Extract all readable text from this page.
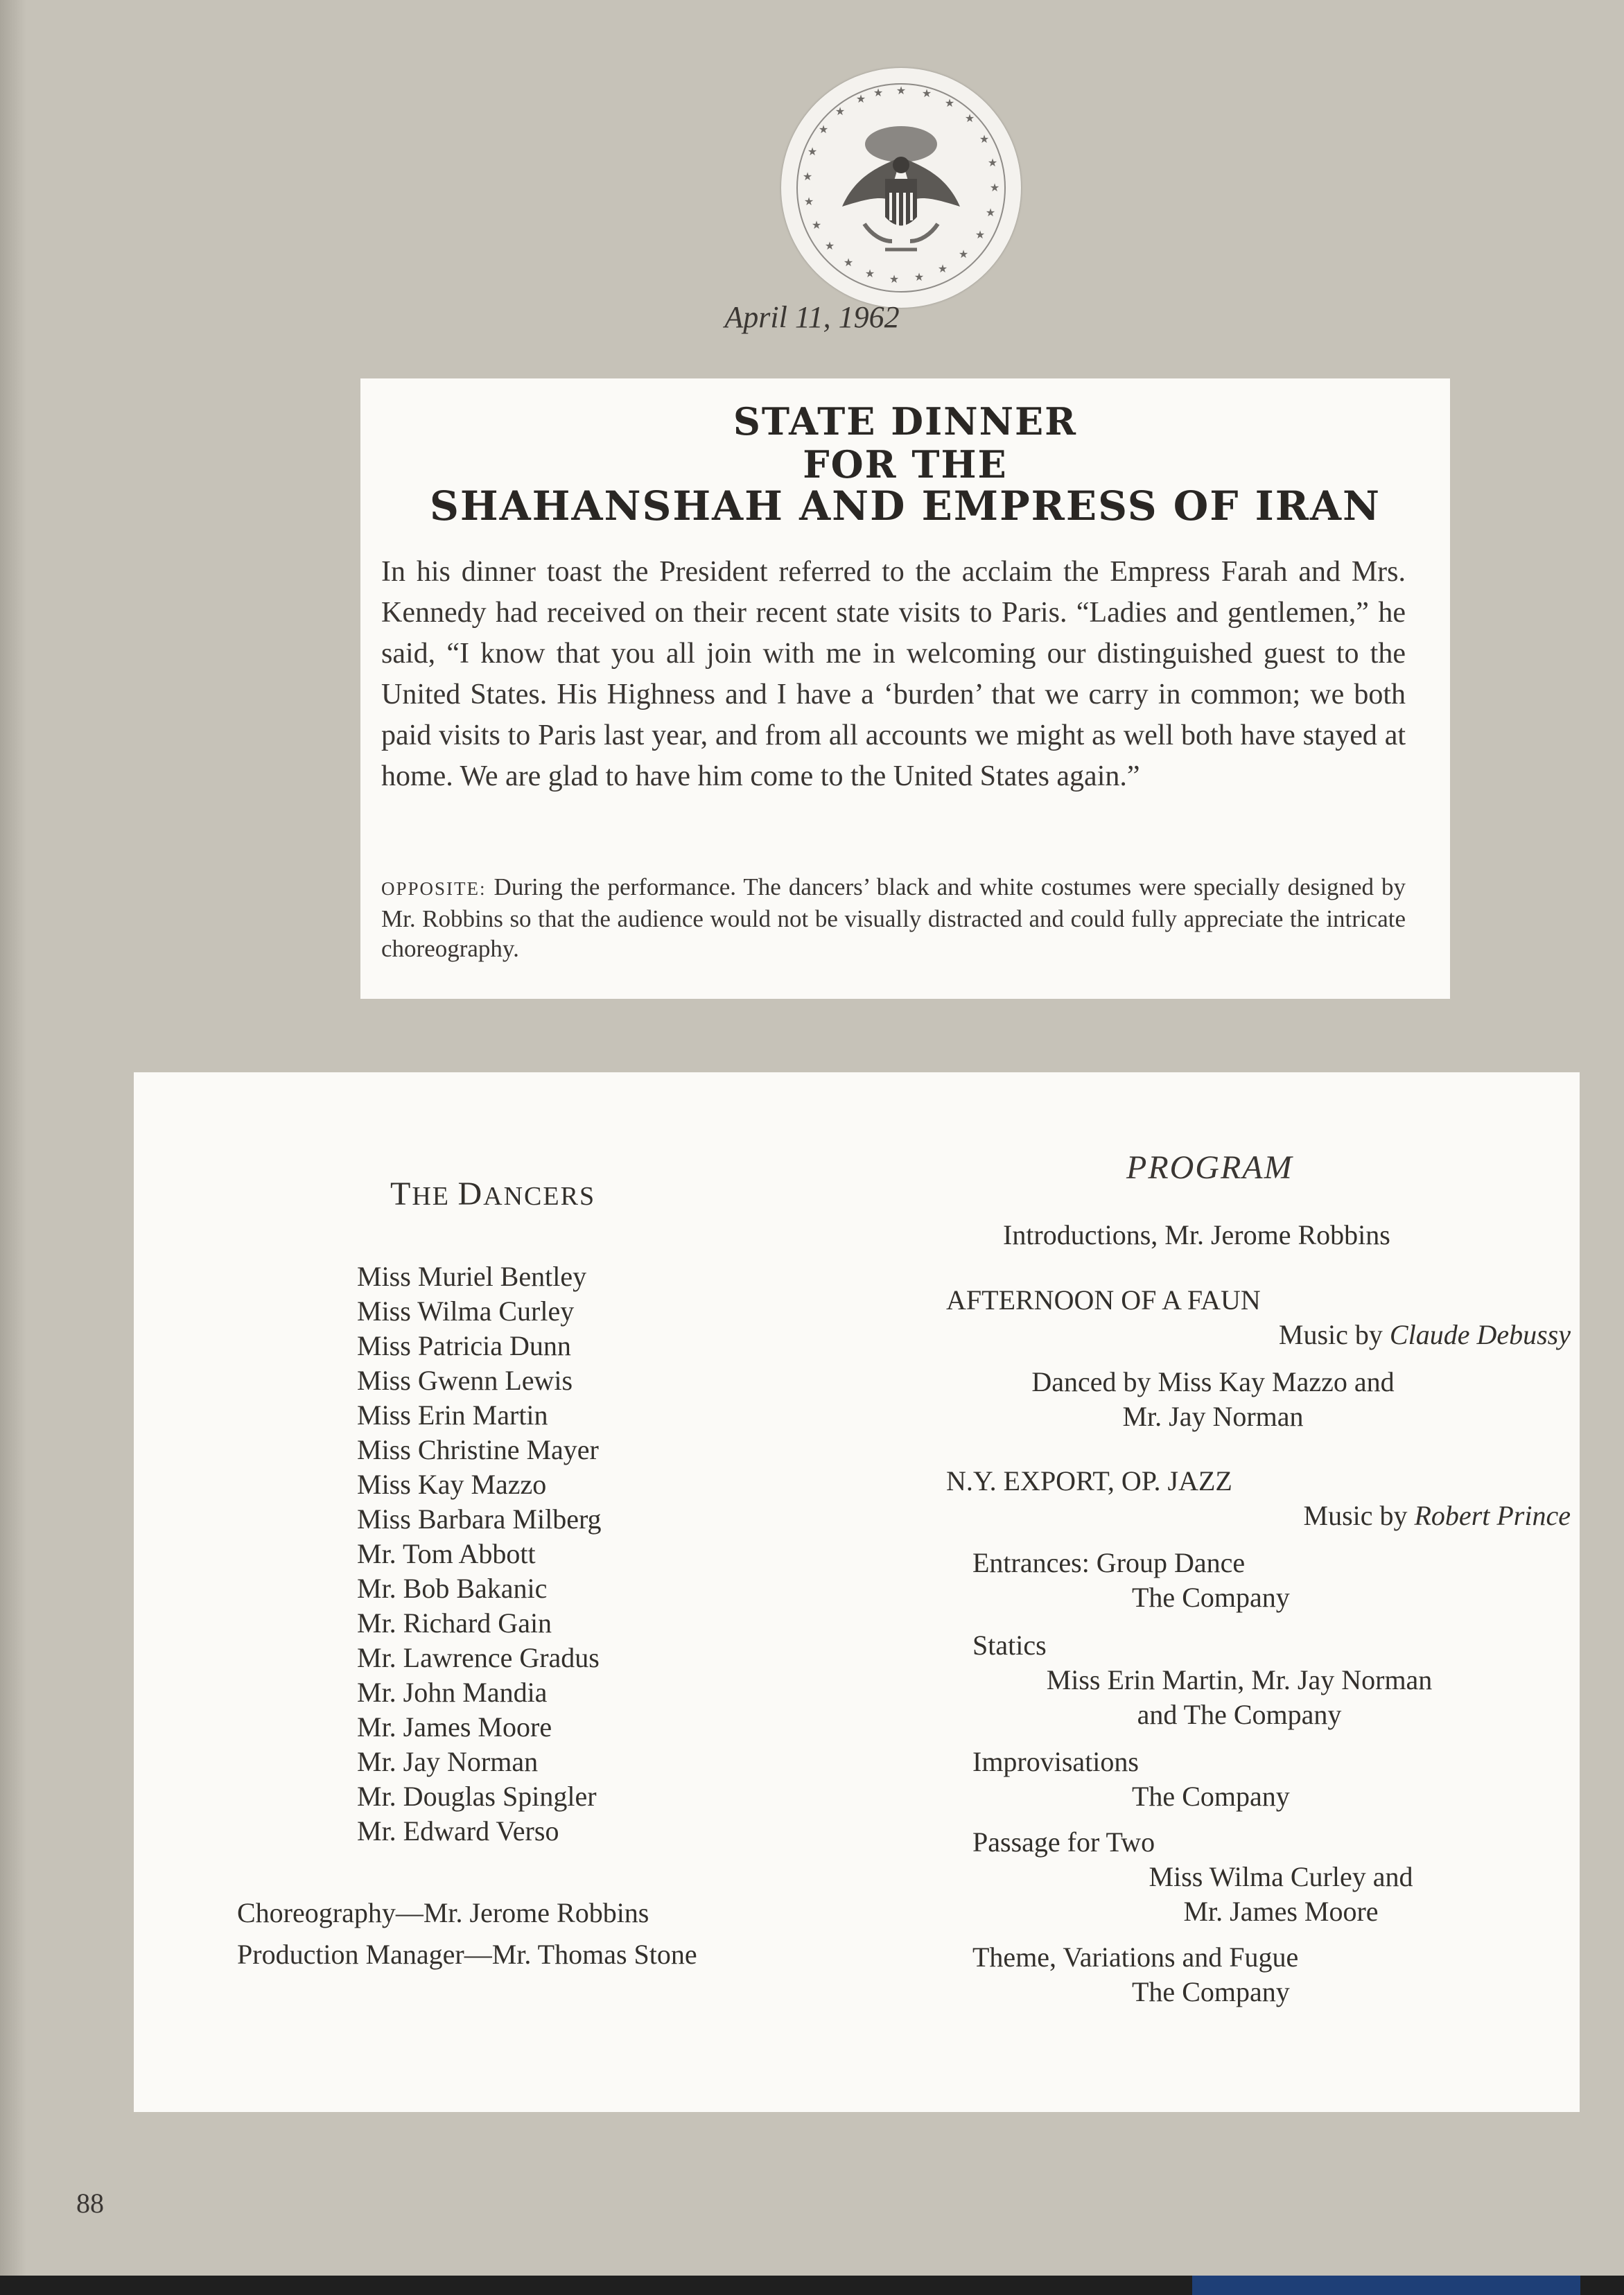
★ ★
★
★
★
★
★
★
★
★
★
★
★
★
★
★
★
★
★
★
★
★
★ ★
April 11, 1962
STATE DINNER
FOR THE
SHAHANSHAH AND EMPRESS OF IRAN
In his dinner toast the President referred to the acclaim the Empress Farah and Mrs. Kennedy had received on their recent state visits to Paris. “Ladies and gentlemen,” he said, “I know that you all join with me in welcoming our distinguished guest to the United States. His Highness and I have a ‘burden’ that we carry in common; we both paid visits to Paris last year, and from all accounts we might as well both have stayed at home. We are glad to have him come to the United States again.”
OPPOSITE: During the performance. The dancers’ black and white costumes were specially designed by Mr. Robbins so that the audience would not be visually distracted and could fully appreciate the intricate choreography.
THE DANCERS
Miss Muriel Bentley
Miss Wilma Curley
Miss Patricia Dunn
Miss Gwenn Lewis
Miss Erin Martin
Miss Christine Mayer
Miss Kay Mazzo
Miss Barbara Milberg
Mr. Tom Abbott
Mr. Bob Bakanic
Mr. Richard Gain
Mr. Lawrence Gradus
Mr. John Mandia
Mr. James Moore
Mr. Jay Norman
Mr. Douglas Spingler
Mr. Edward Verso
Choreography—Mr. Jerome Robbins
Production Manager—Mr. Thomas Stone
PROGRAM
Introductions, Mr. Jerome Robbins
AFTERNOON OF A FAUN
Music by Claude Debussy
Danced by Miss Kay Mazzo and
Mr. Jay Norman
N.Y. EXPORT, OP. JAZZ
Music by Robert Prince
Entrances: Group Dance
The Company
Statics
Miss Erin Martin, Mr. Jay Norman
and The Company
Improvisations
The Company
Passage for Two
Miss Wilma Curley and
Mr. James Moore
Theme, Variations and Fugue
The Company
88
